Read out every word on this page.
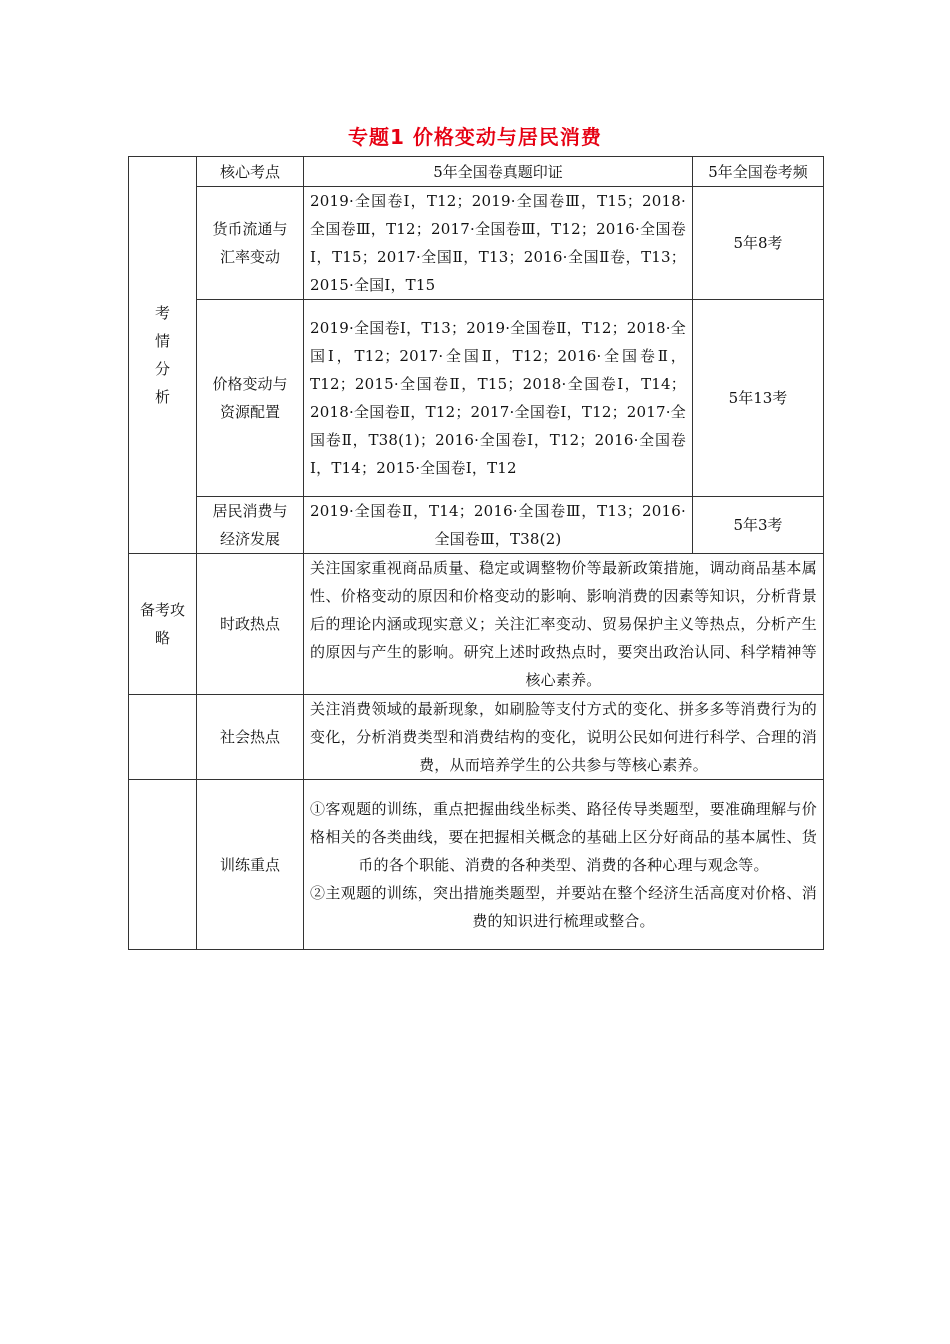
专题1 价格变动与居民消费
考
情
分
析	核心考点	5年全国卷真题印证	5年全国卷考频

	货币流通与
汇率变动	2019·全国卷Ⅰ，T12；2019·全国卷Ⅲ，T15；2018·全国卷Ⅲ，T12；2017·全国卷Ⅲ，T12；2016·全国卷Ⅰ，T15；2017·全国Ⅱ，T13；2016·全国Ⅱ卷，T13；2015·全国Ⅰ，T15	5年8考

	价格变动与
资源配置	2019·全国卷Ⅰ，T13；2019·全国卷Ⅱ，T12；2018·全国Ⅰ，T12；2017·全国Ⅱ，T12；2016·全国卷Ⅱ，T12；2015·全国卷Ⅱ，T15；2018·全国卷Ⅰ，T14；2018·全国卷Ⅱ，T12；2017·全国卷Ⅰ，T12；2017·全国卷Ⅱ，T38(1)；2016·全国卷Ⅰ，T12；2016·全国卷Ⅰ，T14；2015·全国卷Ⅰ，T12	5年13考

	居民消费与
经济发展	2019·全国卷Ⅱ，T14；2016·全国卷Ⅲ，T13；2016·全国卷Ⅲ，T38(2)	5年3考

备考攻
略	时政热点	关注国家重视商品质量、稳定或调整物价等最新政策措施，调动商品基本属性、价格变动的原因和价格变动的影响、影响消费的因素等知识，分析背景后的理论内涵或现实意义；关注汇率变动、贸易保护主义等热点，分析产生的原因与产生的影响。研究上述时政热点时，要突出政治认同、科学精神等核心素养。	
	社会热点	关注消费领域的最新现象，如刷脸等支付方式的变化、拼多多等消费行为的变化，分析消费类型和消费结构的变化，说明公民如何进行科学、合理的消费，从而培养学生的公共参与等核心素养。	
	训练重点	①客观题的训练，重点把握曲线坐标类、路径传导类题型，要准确理解与价格相关的各类曲线，要在把握相关概念的基础上区分好商品的基本属性、货币的各个职能、消费的各种类型、消费的各种心理与观念等。
②主观题的训练，突出措施类题型，并要站在整个经济生活高度对价格、消费的知识进行梳理或整合。	
